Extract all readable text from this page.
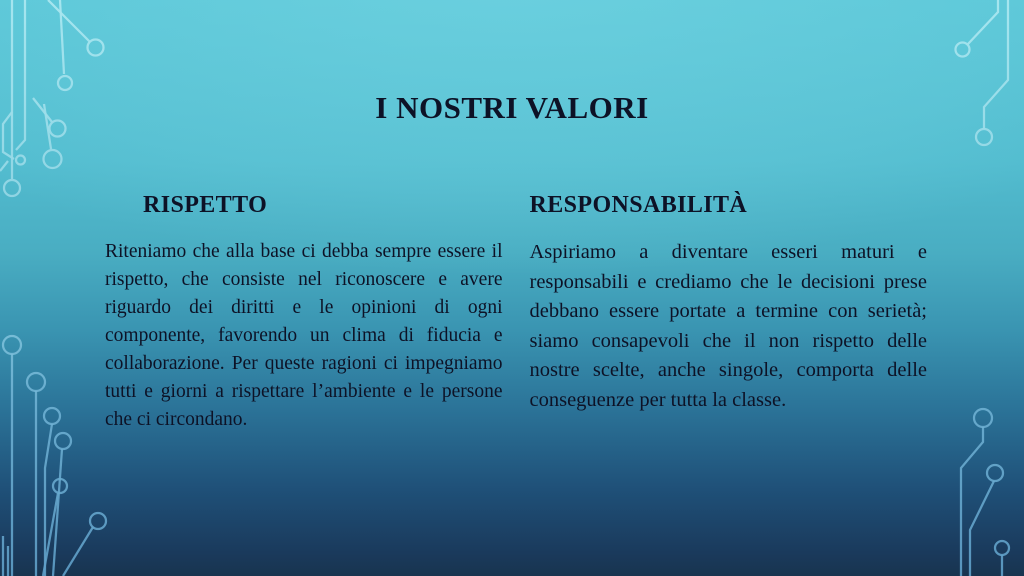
I NOSTRI VALORI
RISPETTO

Riteniamo che alla base ci debba sempre essere il rispetto, che consiste nel riconoscere e avere riguardo dei diritti e le opinioni di ogni componente, favorendo un clima di fiducia e collaborazione. Per queste ragioni ci impegniamo tutti e giorni a rispettare l’ambiente e le persone che ci circondano.

RESPONSABILITÀ

Aspiriamo a diventare esseri maturi e responsabili e crediamo che le decisioni prese debbano essere portate a termine con serietà; siamo consapevoli che il non rispetto delle nostre scelte, anche singole, comporta delle conseguenze per tutta la classe.
